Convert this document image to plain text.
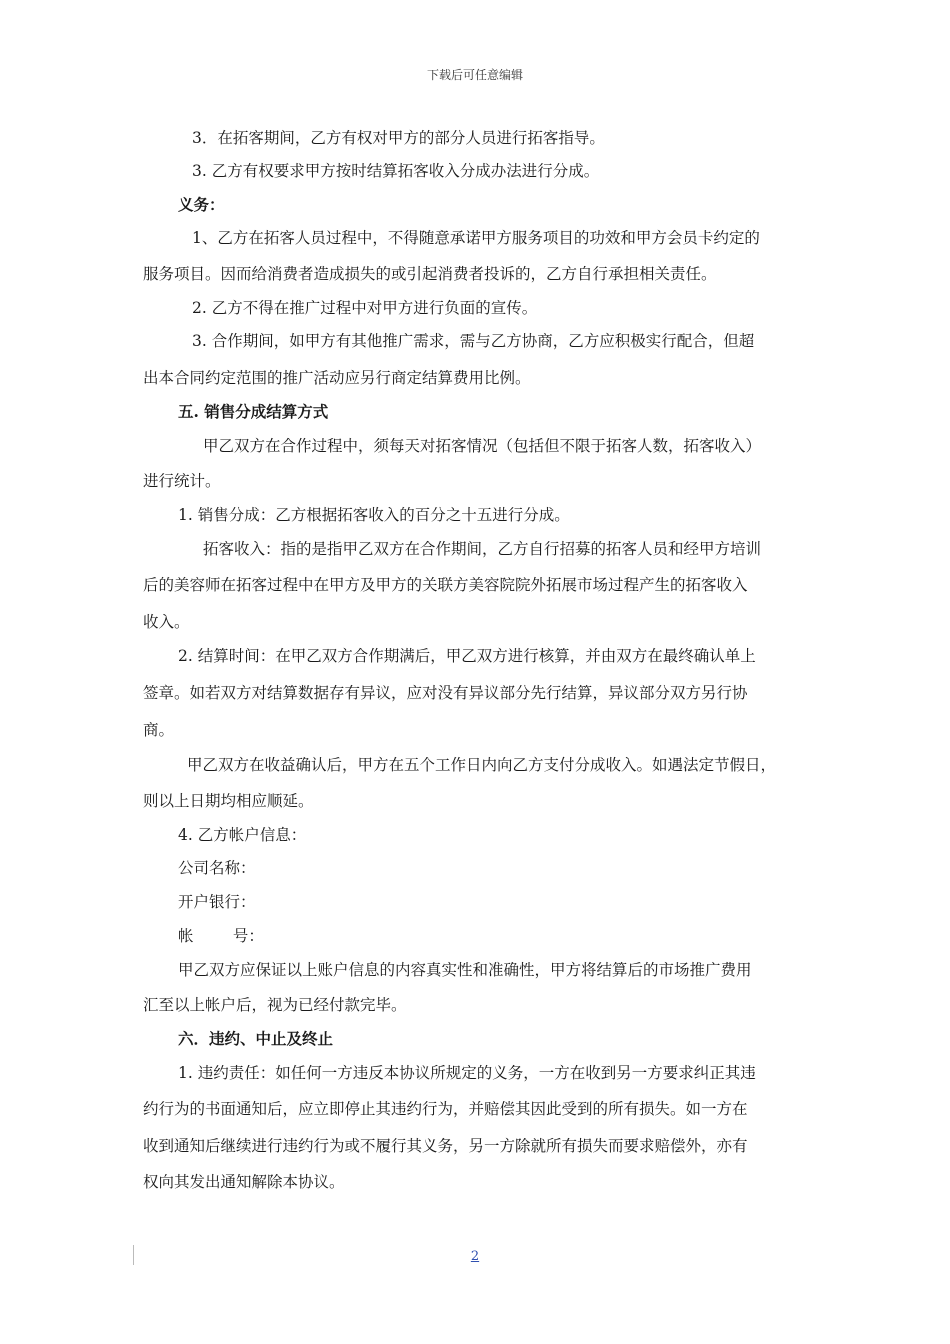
下载后可任意编辑
3．在拓客期间，乙方有权对甲方的部分人员进行拓客指导。
3. 乙方有权要求甲方按时结算拓客收入分成办法进行分成。
义务：
1、乙方在拓客人员过程中，不得随意承诺甲方服务项目的功效和甲方会员卡约定的
服务项目。因而给消费者造成损失的或引起消费者投诉的，乙方自行承担相关责任。
2. 乙方不得在推广过程中对甲方进行负面的宣传。
3. 合作期间，如甲方有其他推广需求，需与乙方协商，乙方应积极实行配合，但超
出本合同约定范围的推广活动应另行商定结算费用比例。
五. 销售分成结算方式
甲乙双方在合作过程中，须每天对拓客情况（包括但不限于拓客人数，拓客收入）
进行统计。
1. 销售分成：乙方根据拓客收入的百分之十五进行分成。
拓客收入：指的是指甲乙双方在合作期间，乙方自行招募的拓客人员和经甲方培训
后的美容师在拓客过程中在甲方及甲方的关联方美容院院外拓展市场过程产生的拓客收入
收入。
2. 结算时间：在甲乙双方合作期满后，甲乙双方进行核算，并由双方在最终确认单上
签章。如若双方对结算数据存有异议，应对没有异议部分先行结算，异议部分双方另行协
商。
甲乙双方在收益确认后，甲方在五个工作日内向乙方支付分成收入。如遇法定节假日，
则以上日期均相应顺延。
4. 乙方帐户信息：
公司名称：
开户银行：
帐        号：
甲乙双方应保证以上账户信息的内容真实性和准确性，甲方将结算后的市场推广费用
汇至以上帐户后，视为已经付款完毕。
六．违约、中止及终止
1. 违约责任：如任何一方违反本协议所规定的义务，一方在收到另一方要求纠正其违
约行为的书面通知后，应立即停止其违约行为，并赔偿其因此受到的所有损失。如一方在
收到通知后继续进行违约行为或不履行其义务，另一方除就所有损失而要求赔偿外，亦有
权向其发出通知解除本协议。
2
